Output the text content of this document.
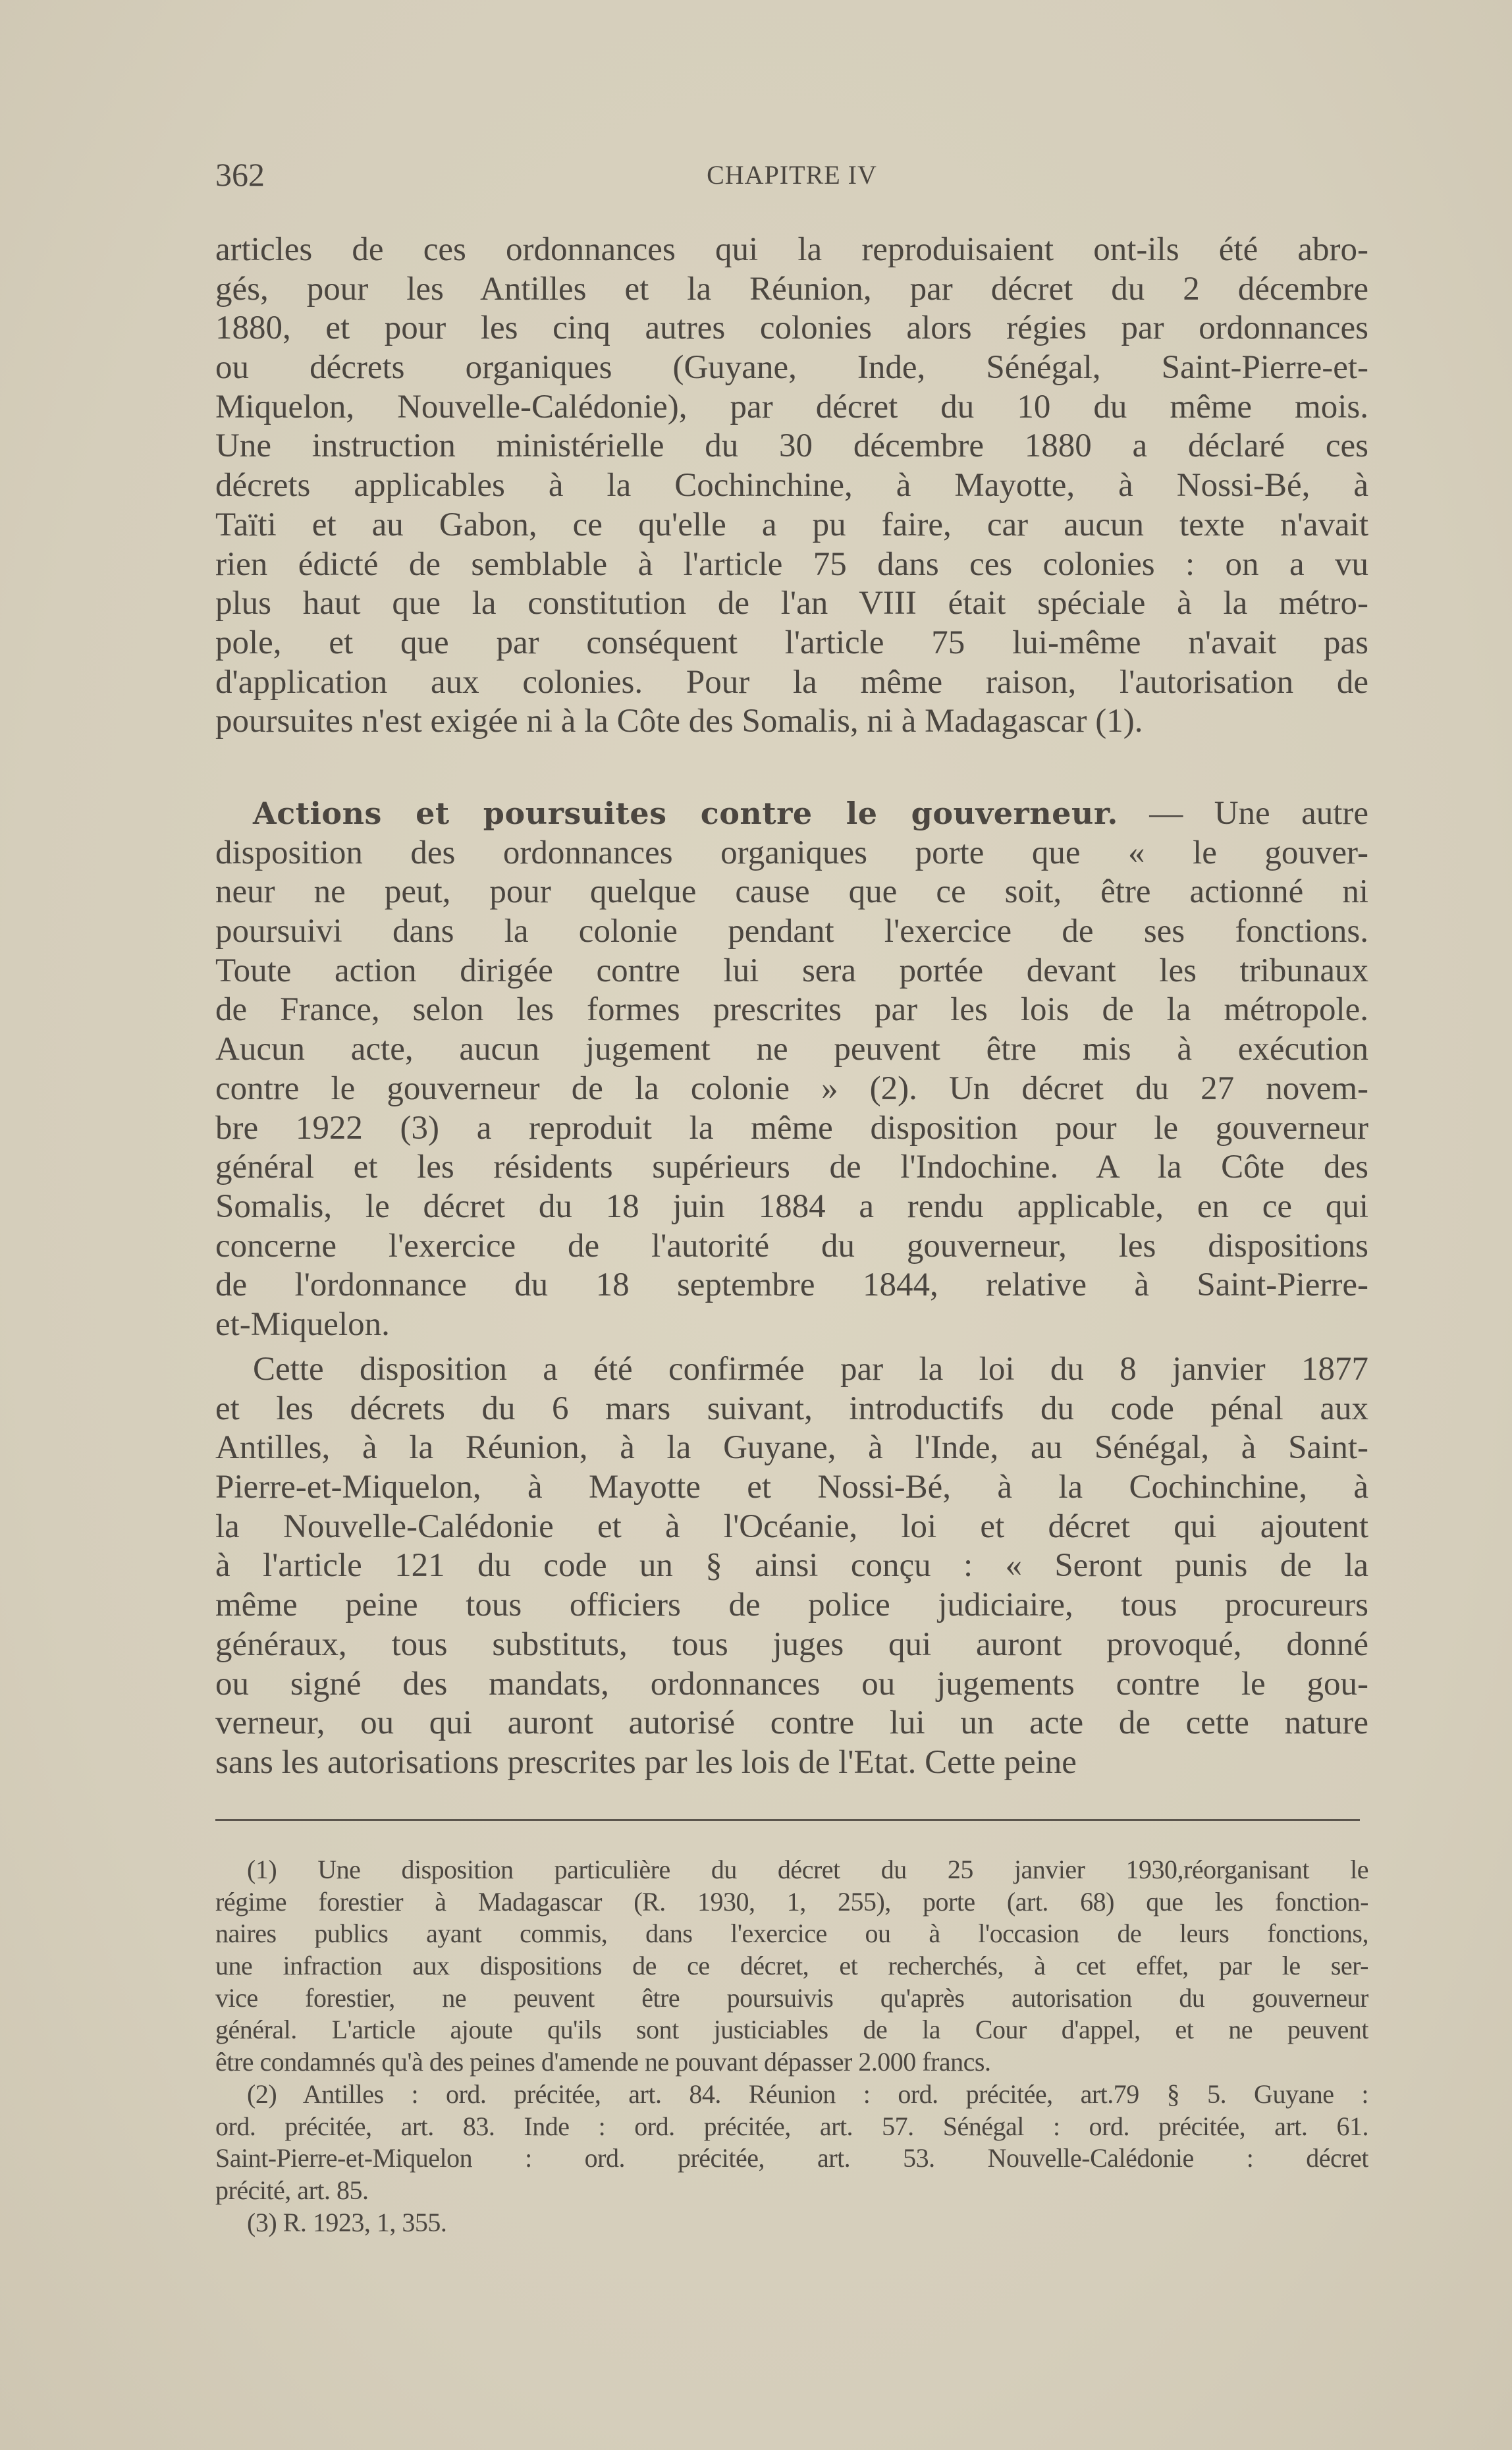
362	CHAPITRE IV
articles de ces ordonnances qui la reproduisaient ont-ils été abro-
gés, pour les Antilles et la Réunion, par décret du 2 décembre
1880, et pour les cinq autres colonies alors régies par ordonnances
ou décrets organiques (Guyane, Inde, Sénégal, Saint-Pierre-et-
Miquelon, Nouvelle-Calédonie), par décret du 10 du même mois.
Une instruction ministérielle du 30 décembre 1880 a déclaré ces
décrets applicables à la Cochinchine, à Mayotte, à Nossi-Bé, à
Taïti et au Gabon, ce qu'elle a pu faire, car aucun texte n'avait
rien édicté de semblable à l'article 75 dans ces colonies : on a vu
plus haut que la constitution de l'an VIII était spéciale à la métro-
pole, et que par conséquent l'article 75 lui-même n'avait pas
d'application aux colonies. Pour la même raison, l'autorisation de
poursuites n'est exigée ni à la Côte des Somalis, ni à Madagascar (1).
Actions et poursuites contre le gouverneur. — Une autre
disposition des ordonnances organiques porte que « le gouver-
neur ne peut, pour quelque cause que ce soit, être actionné ni
poursuivi dans la colonie pendant l'exercice de ses fonctions.
Toute action dirigée contre lui sera portée devant les tribunaux
de France, selon les formes prescrites par les lois de la métropole.
Aucun acte, aucun jugement ne peuvent être mis à exécution
contre le gouverneur de la colonie » (2). Un décret du 27 novem-
bre 1922 (3) a reproduit la même disposition pour le gouverneur
général et les résidents supérieurs de l'Indochine. A la Côte des
Somalis, le décret du 18 juin 1884 a rendu applicable, en ce qui
concerne l'exercice de l'autorité du gouverneur, les dispositions
de l'ordonnance du 18 septembre 1844, relative à Saint-Pierre-
et-Miquelon.
Cette disposition a été confirmée par la loi du 8 janvier 1877
et les décrets du 6 mars suivant, introductifs du code pénal aux
Antilles, à la Réunion, à la Guyane, à l'Inde, au Sénégal, à Saint-
Pierre-et-Miquelon, à Mayotte et Nossi-Bé, à la Cochinchine, à
la Nouvelle-Calédonie et à l'Océanie, loi et décret qui ajoutent
à l'article 121 du code un § ainsi conçu : « Seront punis de la
même peine tous officiers de police judiciaire, tous procureurs
généraux, tous substituts, tous juges qui auront provoqué, donné
ou signé des mandats, ordonnances ou jugements contre le gou-
verneur, ou qui auront autorisé contre lui un acte de cette nature
sans les autorisations prescrites par les lois de l'Etat. Cette peine
(1) Une disposition particulière du décret du 25 janvier 1930,réorganisant le
régime forestier à Madagascar (R. 1930, 1, 255), porte (art. 68) que les fonction-
naires publics ayant commis, dans l'exercice ou à l'occasion de leurs fonctions,
une infraction aux dispositions de ce décret, et recherchés, à cet effet, par le ser-
vice forestier, ne peuvent être poursuivis qu'après autorisation du gouverneur
général. L'article ajoute qu'ils sont justiciables de la Cour d'appel, et ne peuvent
être condamnés qu'à des peines d'amende ne pouvant dépasser 2.000 francs.
(2) Antilles : ord. précitée, art. 84. Réunion : ord. précitée, art.79 § 5. Guyane :
ord. précitée, art. 83. Inde : ord. précitée, art. 57. Sénégal : ord. précitée, art. 61.
Saint-Pierre-et-Miquelon : ord. précitée, art. 53. Nouvelle-Calédonie : décret
précité, art. 85.
(3) R. 1923, 1, 355.
